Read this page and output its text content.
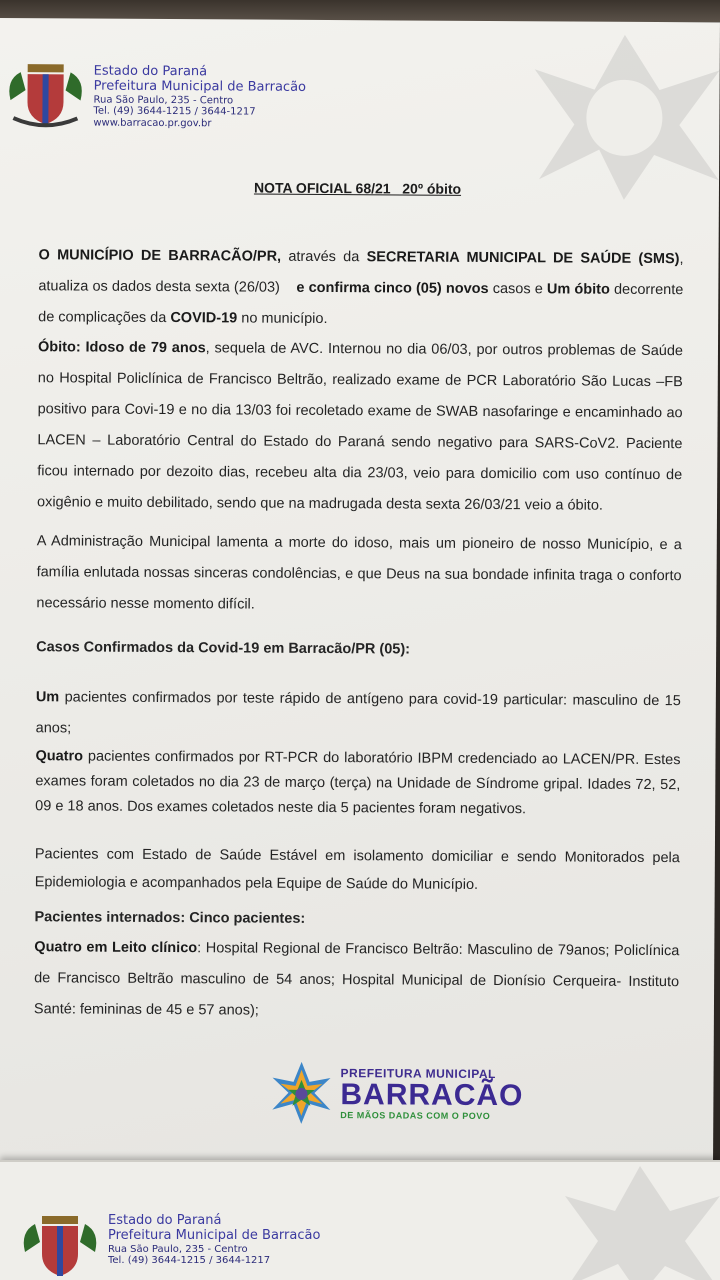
Estado do Paraná
Prefeitura Municipal de Barracão
Rua São Paulo, 235 - Centro
Tel. (49) 3644-1215 / 3644-1217
www.barracao.pr.gov.br
NOTA OFICIAL 68/21   20º óbito
O MUNICÍPIO DE BARRACÃO/PR, através da SECRETARIA MUNICIPAL DE SAÚDE (SMS), atualiza os dados desta sexta (26/03)    e confirma cinco (05) novos casos e Um óbito decorrente de complicações da COVID-19 no município.
Óbito: Idoso de 79 anos, sequela de AVC. Internou no dia 06/03, por outros problemas de Saúde no Hospital Policlínica de Francisco Beltrão, realizado exame de PCR Laboratório São Lucas –FB positivo para Covi-19 e no dia 13/03 foi recoletado exame de SWAB nasofaringe e encaminhado ao LACEN – Laboratório Central do Estado do Paraná sendo negativo para SARS-CoV2. Paciente ficou internado por dezoito dias, recebeu alta dia 23/03, veio para domicilio com uso contínuo de oxigênio e muito debilitado, sendo que na madrugada desta sexta 26/03/21 veio a óbito.
A Administração Municipal lamenta a morte do idoso, mais um pioneiro de nosso Município, e a família enlutada nossas sinceras condolências, e que Deus na sua bondade infinita traga o conforto necessário nesse momento difícil.
Casos Confirmados da Covid-19 em Barracão/PR (05):
Um pacientes confirmados por teste rápido de antígeno para covid-19 particular: masculino de 15 anos;
Quatro pacientes confirmados por RT-PCR do laboratório IBPM credenciado ao LACEN/PR. Estes exames foram coletados no dia 23 de março (terça) na Unidade de Síndrome gripal. Idades 72, 52, 09 e 18 anos. Dos exames coletados neste dia 5 pacientes foram negativos.
Pacientes com Estado de Saúde Estável em isolamento domiciliar e sendo Monitorados pela Epidemiologia e acompanhados pela Equipe de Saúde do Município.
Pacientes internados: Cinco pacientes:
Quatro em Leito clínico: Hospital Regional de Francisco Beltrão: Masculino de 79anos; Policlínica de Francisco Beltrão masculino de 54 anos; Hospital Municipal de Dionísio Cerqueira- Instituto Santé: femininas de 45 e 57 anos);
PREFEITURA MUNICIPAL
BARRACÃO
DE MÃOS DADAS COM O POVO
Estado do Paraná
Prefeitura Municipal de Barracão
Rua São Paulo, 235 - Centro
Tel. (49) 3644-1215 / 3644-1217
